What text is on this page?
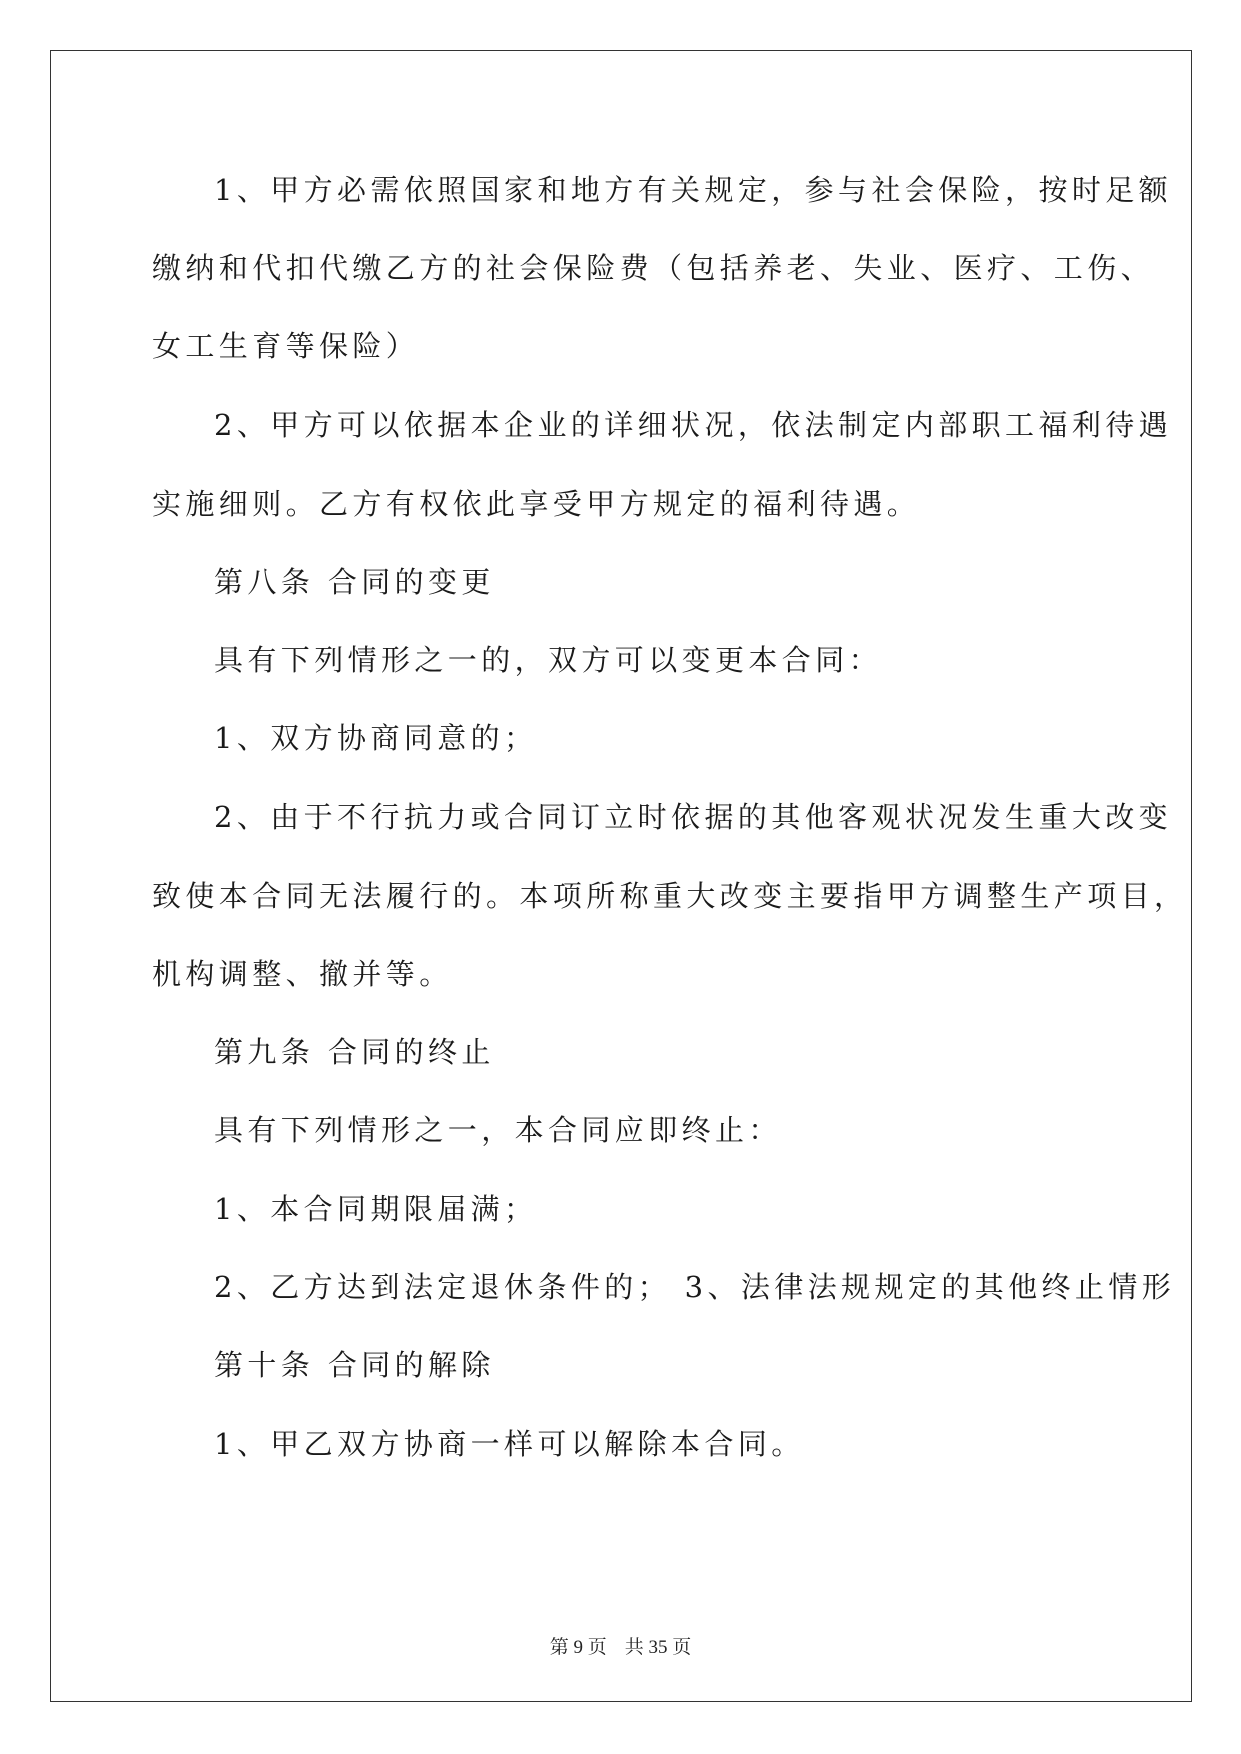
1、甲方必需依照国家和地方有关规定，参与社会保险，按时足额
缴纳和代扣代缴乙方的社会保险费（包括养老、失业、医疗、工伤、
女工生育等保险）
2、甲方可以依据本企业的详细状况，依法制定内部职工福利待遇
实施细则。乙方有权依此享受甲方规定的福利待遇。
第八条 合同的变更
具有下列情形之一的，双方可以变更本合同：
1、双方协商同意的；
2、由于不行抗力或合同订立时依据的其他客观状况发生重大改变
致使本合同无法履行的。本项所称重大改变主要指甲方调整生产项目，
机构调整、撤并等。
第九条 合同的终止
具有下列情形之一，本合同应即终止：
1、本合同期限届满；
2、乙方达到法定退休条件的； 3、法律法规规定的其他终止情形
第十条 合同的解除
1、甲乙双方协商一样可以解除本合同。
第 9 页 共 35 页
